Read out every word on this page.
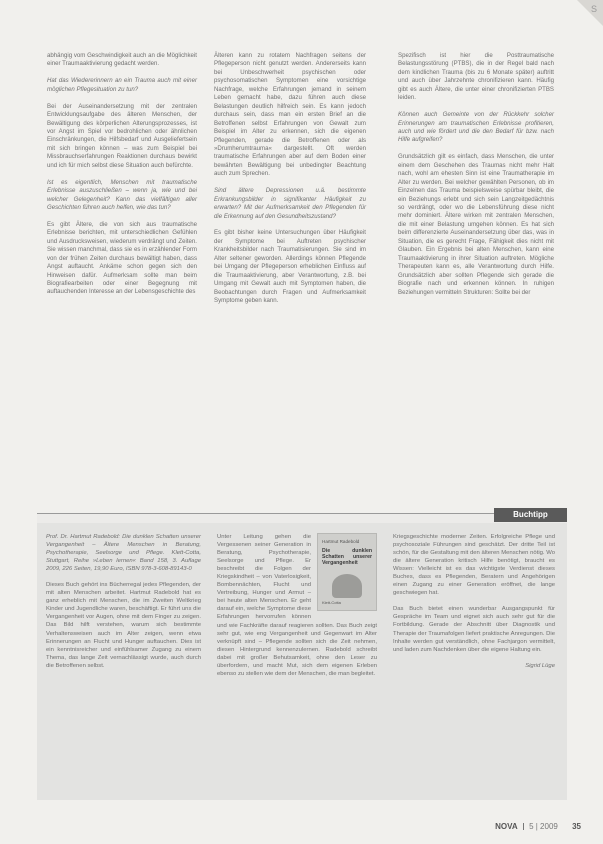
S

abhängig vom Geschwindigkeit auch an die Möglichkeit einer Traumaaktivierung gedacht werden.

Hat das Wiedererinnern an ein Trauma auch mit einer möglichen Pflegesituation zu tun?

Bei der Auseinandersetzung mit der zentralen Entwicklungsaufgabe des älteren Menschen, der Bewältigung des körperlichen Alterungsprozesses, ist vor Angst im Spiel vor bedrohlichen oder ähnlichen Einschränkungen, die Hilfsbedarf und Ausgeliefertsein mit sich bringen können – was zum Beispiel bei Missbrauchserfahrungen Reaktionen durchaus bewirkt und ich für mich selbst diese Situation auch befürchte.

Ist es eigentlich, Menschen mit traumatische Erlebnisse auszuschließen – wenn ja, wie und bei welcher Gelegenheit? Kann das vielfältigen aller Geschichten führen auch helfen, wie das tun?

Es gibt Ältere, die von sich aus traumatische Erlebnisse berichten, mit unterschiedlichen Gefühlen und Ausdrucksweisen, wiederum verdrängt und Zeiten. Sie wissen manchmal, dass sie es in erzählender Form von der frühen Zeiten durchaus bewältigt haben, dass Angst auftaucht. Ankäme schon gegen sich den Hinweisen dafür. Aufmerksam sollte man beim Biografiearbeiten oder einer Begegnung mit auftauchenden Interesse an der Lebensgeschichte des

Älteren kann zu rotatem Nachfragen seitens der Pflegeperson nicht genutzt werden. Andererseits kann bei Unbeschwerheit psychischen oder psychosomatischen Symptomen eine vorsichtige Nachfrage, welche Erfahrungen jemand in seinem Leben gemacht habe, dazu führen auch diese Belastungen deutlich hilfreich sein. Es kann jedoch durchaus sein, dass man ein ersten Brief an die Betroffenen selbst Erfahrungen von Gewalt zum Beispiel im Alter zu erkennen, sich die eigenen Pflegenden, gerade die Betroffenen oder als »Drumherumtrauma« dargestellt. Oft werden traumatische Erfahrungen aber auf dem Boden einer bewährten Bewältigung bei unbedingter Beachtung auch zum Sprechen.

Sind ältere Depressionen u.ä. bestimmte Erkrankungsbilder in signifikanter Häufigkeit zu erwarten? Mit der Aufmerksamkeit den Pflegenden für die Erkennung auf den Gesundheitszustand?

Es gibt bisher keine Untersuchungen über Häufigkeit der Symptome bei Auftreten psychischer Krankheitsbilder nach Traumatisierungen. Sie sind im Alter seltener geworden. Allerdings können Pflegende bei Umgang der Pflegeperson erheblichen Einfluss auf die Traumaaktivierung, aber Verantwortung, z.B. bei Umgang mit Gewalt auch mit Symptomen haben, die Beobachtungen durch Fragen und Aufmerksamkeit Symptome geben kann.

Spezifisch ist hier die Posttraumatische Belastungsstörung (PTBS), die in der Regel bald nach dem kindlichen Trauma (bis zu 6 Monate später) auftritt und auch über Jahrzehnte chronifizieren kann. Häufig gibt es auch Ältere, die unter einer chronifizierten PTBS leiden.

Können auch Gemeinte von der Rückkehr solcher Erinnerungen am traumatischen Erlebnisse profitieren, auch und wie fördert und die den Bedarf für bzw. nach Hilfe aufgreifen?

Grundsätzlich gilt es einfach, dass Menschen, die unter einem dem Geschehen des Traumas nicht mehr Halt nach, wohl am ehesten Sinn ist eine Traumatherapie im Alter zu werden. Bei welcher gewählten Personen, ob im Einzelnen das Trauma beispielsweise spürbar bleibt, die ein Beziehungs erlebt und sich sein Langzeitgedächtnis so verdrängt, oder wo die Lebensführung diese nicht mehr dominiert. Ältere wirken mit zentralen Menschen, die mit einer Belastung umgehen können. Es hat sich beim differenzierte Auseinandersetzung über das, was in Situation, die es gerecht Frage, Fähigkeit dies nicht mit Glauben. Ein Ergebnis bei alten Menschen, kann eine Traumaaktivierung in ihrer Situation auftreten. Mögliche Therapeuten kann es, alle Verantwortung durch Hilfe. Grundsätzlich aber sollten Pflegende sich gerade die Biografie nach und erkennen können. In ruhigen Beziehungen vermitteln Strukturen: Sollte bei der

Buchtipp

Prof. Dr. Hartmut Radebold: Die dunklen Schatten unserer Vergangenheit – Ältere Menschen in Beratung, Psychotherapie, Seelsorge und Pflege. Klett-Cotta, Stuttgart, Reihe »Leben lernen« Band 158, 3. Auflage 2009, 226 Seiten, 19,90 Euro, ISBN 978-3-608-89143-0

Dieses Buch gehört ins Bücherregal jedes Pflegenden, der mit alten Menschen arbeitet. Hartmut Radebold hat es ganz erheblich mit Menschen, die im Zweiten Weltkrieg Kinder und Jugendliche waren, beschäftigt. Er führt uns die Vergangenheit vor Augen, ohne mit dem Finger zu zeigen. Das Bild hilft verstehen, warum sich bestimmte Verhaltensweisen auch im Alter zeigen, wenn etwa Erinnerungen an Flucht und Hunger auftauchen. Dies ist ein kenntnisreicher und einfühlsamer Zugang zu einem Thema, das lange Zeit vernachlässigt wurde, auch durch die Betroffenen selbst.

Hartmut Radebold
Die dunklen Schatten unserer Vergangenheit
Klett-Cotta

Unter Leitung gehen die Vergessenen seiner Generation in Beratung, Psychotherapie, Seelsorge und Pflege. Er beschreibt die Folgen der Kriegskindheit – von Vaterlosigkeit, Bombennächten, Flucht und Vertreibung, Hunger und Armut – bei heute alten Menschen. Er geht darauf ein, welche Symptome diese Erfahrungen hervorrufen können und wie Fachkräfte darauf reagieren sollten. Das Buch zeigt sehr gut, wie eng Vergangenheit und Gegenwart im Alter verknüpft sind – Pflegende sollten sich die Zeit nehmen, diesen Hintergrund kennenzulernen. Radebold schreibt dabei mit großer Behutsamkeit, ohne den Leser zu überfordern, und macht Mut, sich dem eigenen Erleben ebenso zu stellen wie dem der Menschen, die man begleitet.

Kriegsgeschichte moderner Zeiten. Erfolgreiche Pflege und psychosoziale Führungen sind geschätzt. Der dritte Teil ist schön, für die Gestaltung mit den älteren Menschen nötig. Wo die ältere Generation kritisch Hilfe benötigt, braucht es Wissen: Vielleicht ist es das wichtigste Verdienst dieses Buches, dass es Pflegenden, Beratern und Angehörigen einen Zugang zu einer Generation eröffnet, die lange geschwiegen hat.

Das Buch bietet einen wunderbar Ausgangspunkt für Gespräche im Team und eignet sich auch sehr gut für die Fortbildung. Gerade der Abschnitt über Diagnostik und Therapie der Traumafolgen liefert praktische Anregungen. Die Inhalte werden gut verständlich, ohne Fachjargon vermittelt, und laden zum Nachdenken über die eigene Haltung ein.

Sigrid Lüge

NOVA 5 | 2009 35
